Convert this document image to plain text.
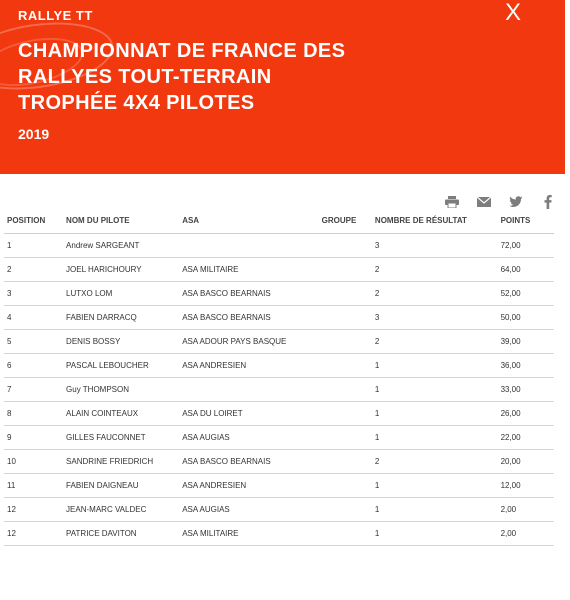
RALLYE TT	X
CHAMPIONNAT DE FRANCE DES
RALLYES TOUT-TERRAIN
TROPHÉE 4X4 PILOTES
2019
POSITION	NOM DU PILOTE	ASA	GROUPE	NOMBRE DE RÉSULTAT	POINTS
1	Andrew SARGEANT			3	72,00
2	JOEL HARICHOURY	ASA MILITAIRE		2	64,00
3	LUTXO LOM	ASA BASCO BEARNAIS		2	52,00
4	FABIEN DARRACQ	ASA BASCO BEARNAIS		3	50,00
5	DENIS BOSSY	ASA ADOUR PAYS BASQUE		2	39,00
6	PASCAL LEBOUCHER	ASA ANDRESIEN		1	36,00
7	Guy THOMPSON			1	33,00
8	ALAIN COINTEAUX	ASA DU LOIRET		1	26,00
9	GILLES FAUCONNET	ASA AUGIAS		1	22,00
10	SANDRINE FRIEDRICH	ASA BASCO BEARNAIS		2	20,00
11	FABIEN DAIGNEAU	ASA ANDRESIEN		1	12,00
12	JEAN-MARC VALDEC	ASA AUGIAS		1	2,00
12	PATRICE DAVITON	ASA MILITAIRE		1	2,00
